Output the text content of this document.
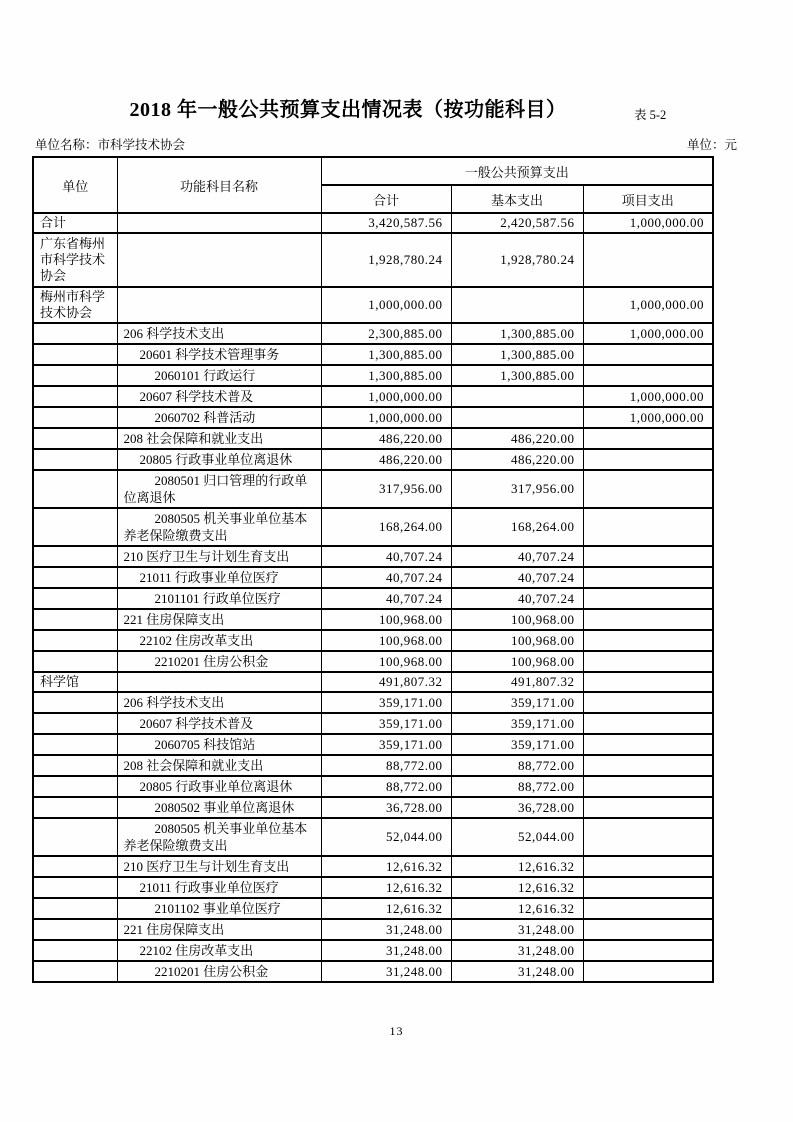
2018 年一般公共预算支出情况表（按功能科目）	表 5-2
单位名称：市科学技术协会	单位：元
单位	功能科目名称	一般公共预算支出		
		合计	基本支出	项目支出
合计		3,420,587.56	2,420,587.56	1,000,000.00
广东省梅州市科学技术协会		1,928,780.24	1,928,780.24	
梅州市科学技术协会		1,000,000.00		1,000,000.00
	206 科学技术支出	2,300,885.00	1,300,885.00	1,000,000.00
	20601 科学技术管理事务	1,300,885.00	1,300,885.00	
	2060101 行政运行	1,300,885.00	1,300,885.00	
	20607 科学技术普及	1,000,000.00		1,000,000.00
	2060702 科普活动	1,000,000.00		1,000,000.00
	208 社会保障和就业支出	486,220.00	486,220.00	
	20805 行政事业单位离退休	486,220.00	486,220.00	
	2080501 归口管理的行政单位离退休	317,956.00	317,956.00	
	2080505 机关事业单位基本养老保险缴费支出	168,264.00	168,264.00	
	210 医疗卫生与计划生育支出	40,707.24	40,707.24	
	21011 行政事业单位医疗	40,707.24	40,707.24	
	2101101 行政单位医疗	40,707.24	40,707.24	
	221 住房保障支出	100,968.00	100,968.00	
	22102 住房改革支出	100,968.00	100,968.00	
	2210201 住房公积金	100,968.00	100,968.00	
科学馆		491,807.32	491,807.32	
	206 科学技术支出	359,171.00	359,171.00	
	20607 科学技术普及	359,171.00	359,171.00	
	2060705 科技馆站	359,171.00	359,171.00	
	208 社会保障和就业支出	88,772.00	88,772.00	
	20805 行政事业单位离退休	88,772.00	88,772.00	
	2080502 事业单位离退休	36,728.00	36,728.00	
	2080505 机关事业单位基本养老保险缴费支出	52,044.00	52,044.00	
	210 医疗卫生与计划生育支出	12,616.32	12,616.32	
	21011 行政事业单位医疗	12,616.32	12,616.32	
	2101102 事业单位医疗	12,616.32	12,616.32	
	221 住房保障支出	31,248.00	31,248.00	
	22102 住房改革支出	31,248.00	31,248.00	
	2210201 住房公积金	31,248.00	31,248.00	
13
